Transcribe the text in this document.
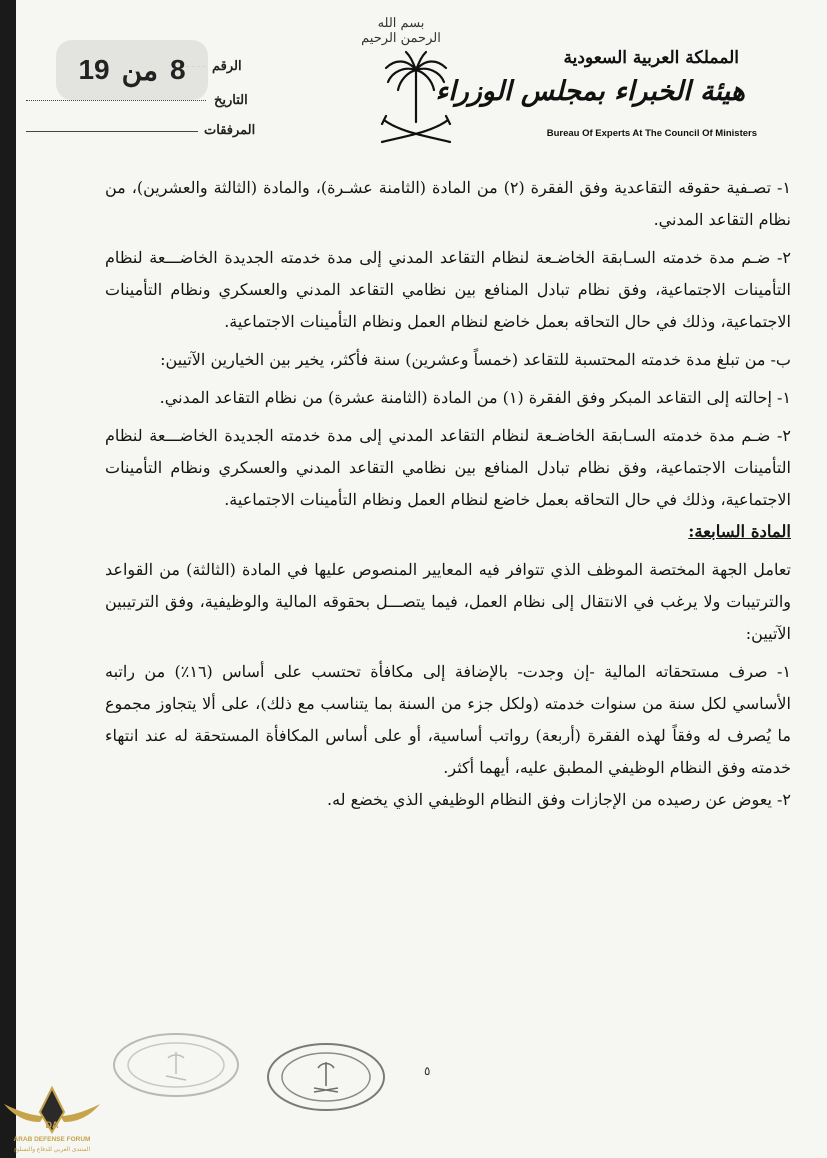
الرقم
التاريخ
المرفقات
8
من
19
بسم الله الرحمن الرحيم
المملكة العربية السعودية
هيئة الخبراء بمجلس الوزراء
Bureau Of Experts At The Council Of Ministers

١- تصـفية حقوقه التقاعدية وفق الفقرة (٢) من المادة (الثامنة عشـرة)، والمادة (الثالثة والعشرين)، من نظام التقاعد المدني.

٢- ضـم مدة خدمته السـابقة الخاضـعة لنظام التقاعد المدني إلى مدة خدمته الجديدة الخاضـــعة لنظام التأمينات الاجتماعية، وفق نظام تبادل المنافع بين نظامي التقاعد المدني والعسكري ونظام التأمينات الاجتماعية، وذلك في حال التحاقه بعمل خاضع لنظام العمل ونظام التأمينات الاجتماعية.

ب- من تبلغ مدة خدمته المحتسبة للتقاعد (خمساً وعشرين) سنة فأكثر، يخير بين الخيارين الآتيين:

١- إحالته إلى التقاعد المبكر وفق الفقرة (١) من المادة (الثامنة عشرة) من نظام التقاعد المدني.

٢- ضـم مدة خدمته السـابقة الخاضـعة لنظام التقاعد المدني إلى مدة خدمته الجديدة الخاضـــعة لنظام التأمينات الاجتماعية، وفق نظام تبادل المنافع بين نظامي التقاعد المدني والعسكري ونظام التأمينات الاجتماعية، وذلك في حال التحاقه بعمل خاضع لنظام العمل ونظام التأمينات الاجتماعية.

المادة السابعة:

تعامل الجهة المختصة الموظف الذي تتوافر فيه المعايير المنصوص عليها في المادة (الثالثة) من القواعد والترتيبات ولا يرغب في الانتقال إلى نظام العمل، فيما يتصـــل بحقوقه المالية والوظيفية، وفق الترتيبين الآتيين:

١- صرف مستحقاته المالية -إن وجدت- بالإضافة إلى مكافأة تحتسب على أساس (١٦٪) من راتبه الأساسي لكل سنة من سنوات خدمته (ولكل جزء من السنة بما يتناسب مع ذلك)، على ألا يتجاوز مجموع ما يُصرف له وفقاً لهذه الفقرة (أربعة) رواتب أساسية، أو على أساس المكافأة المستحقة له عند انتهاء خدمته وفق النظام الوظيفي المطبق عليه، أيهما أكثر.

٢- يعوض عن رصيده من الإجازات وفق النظام الوظيفي الذي يخضع له.

٥
DA
ARAB DEFENSE FORUM
المنتدى العربي للدفاع والتسليح
